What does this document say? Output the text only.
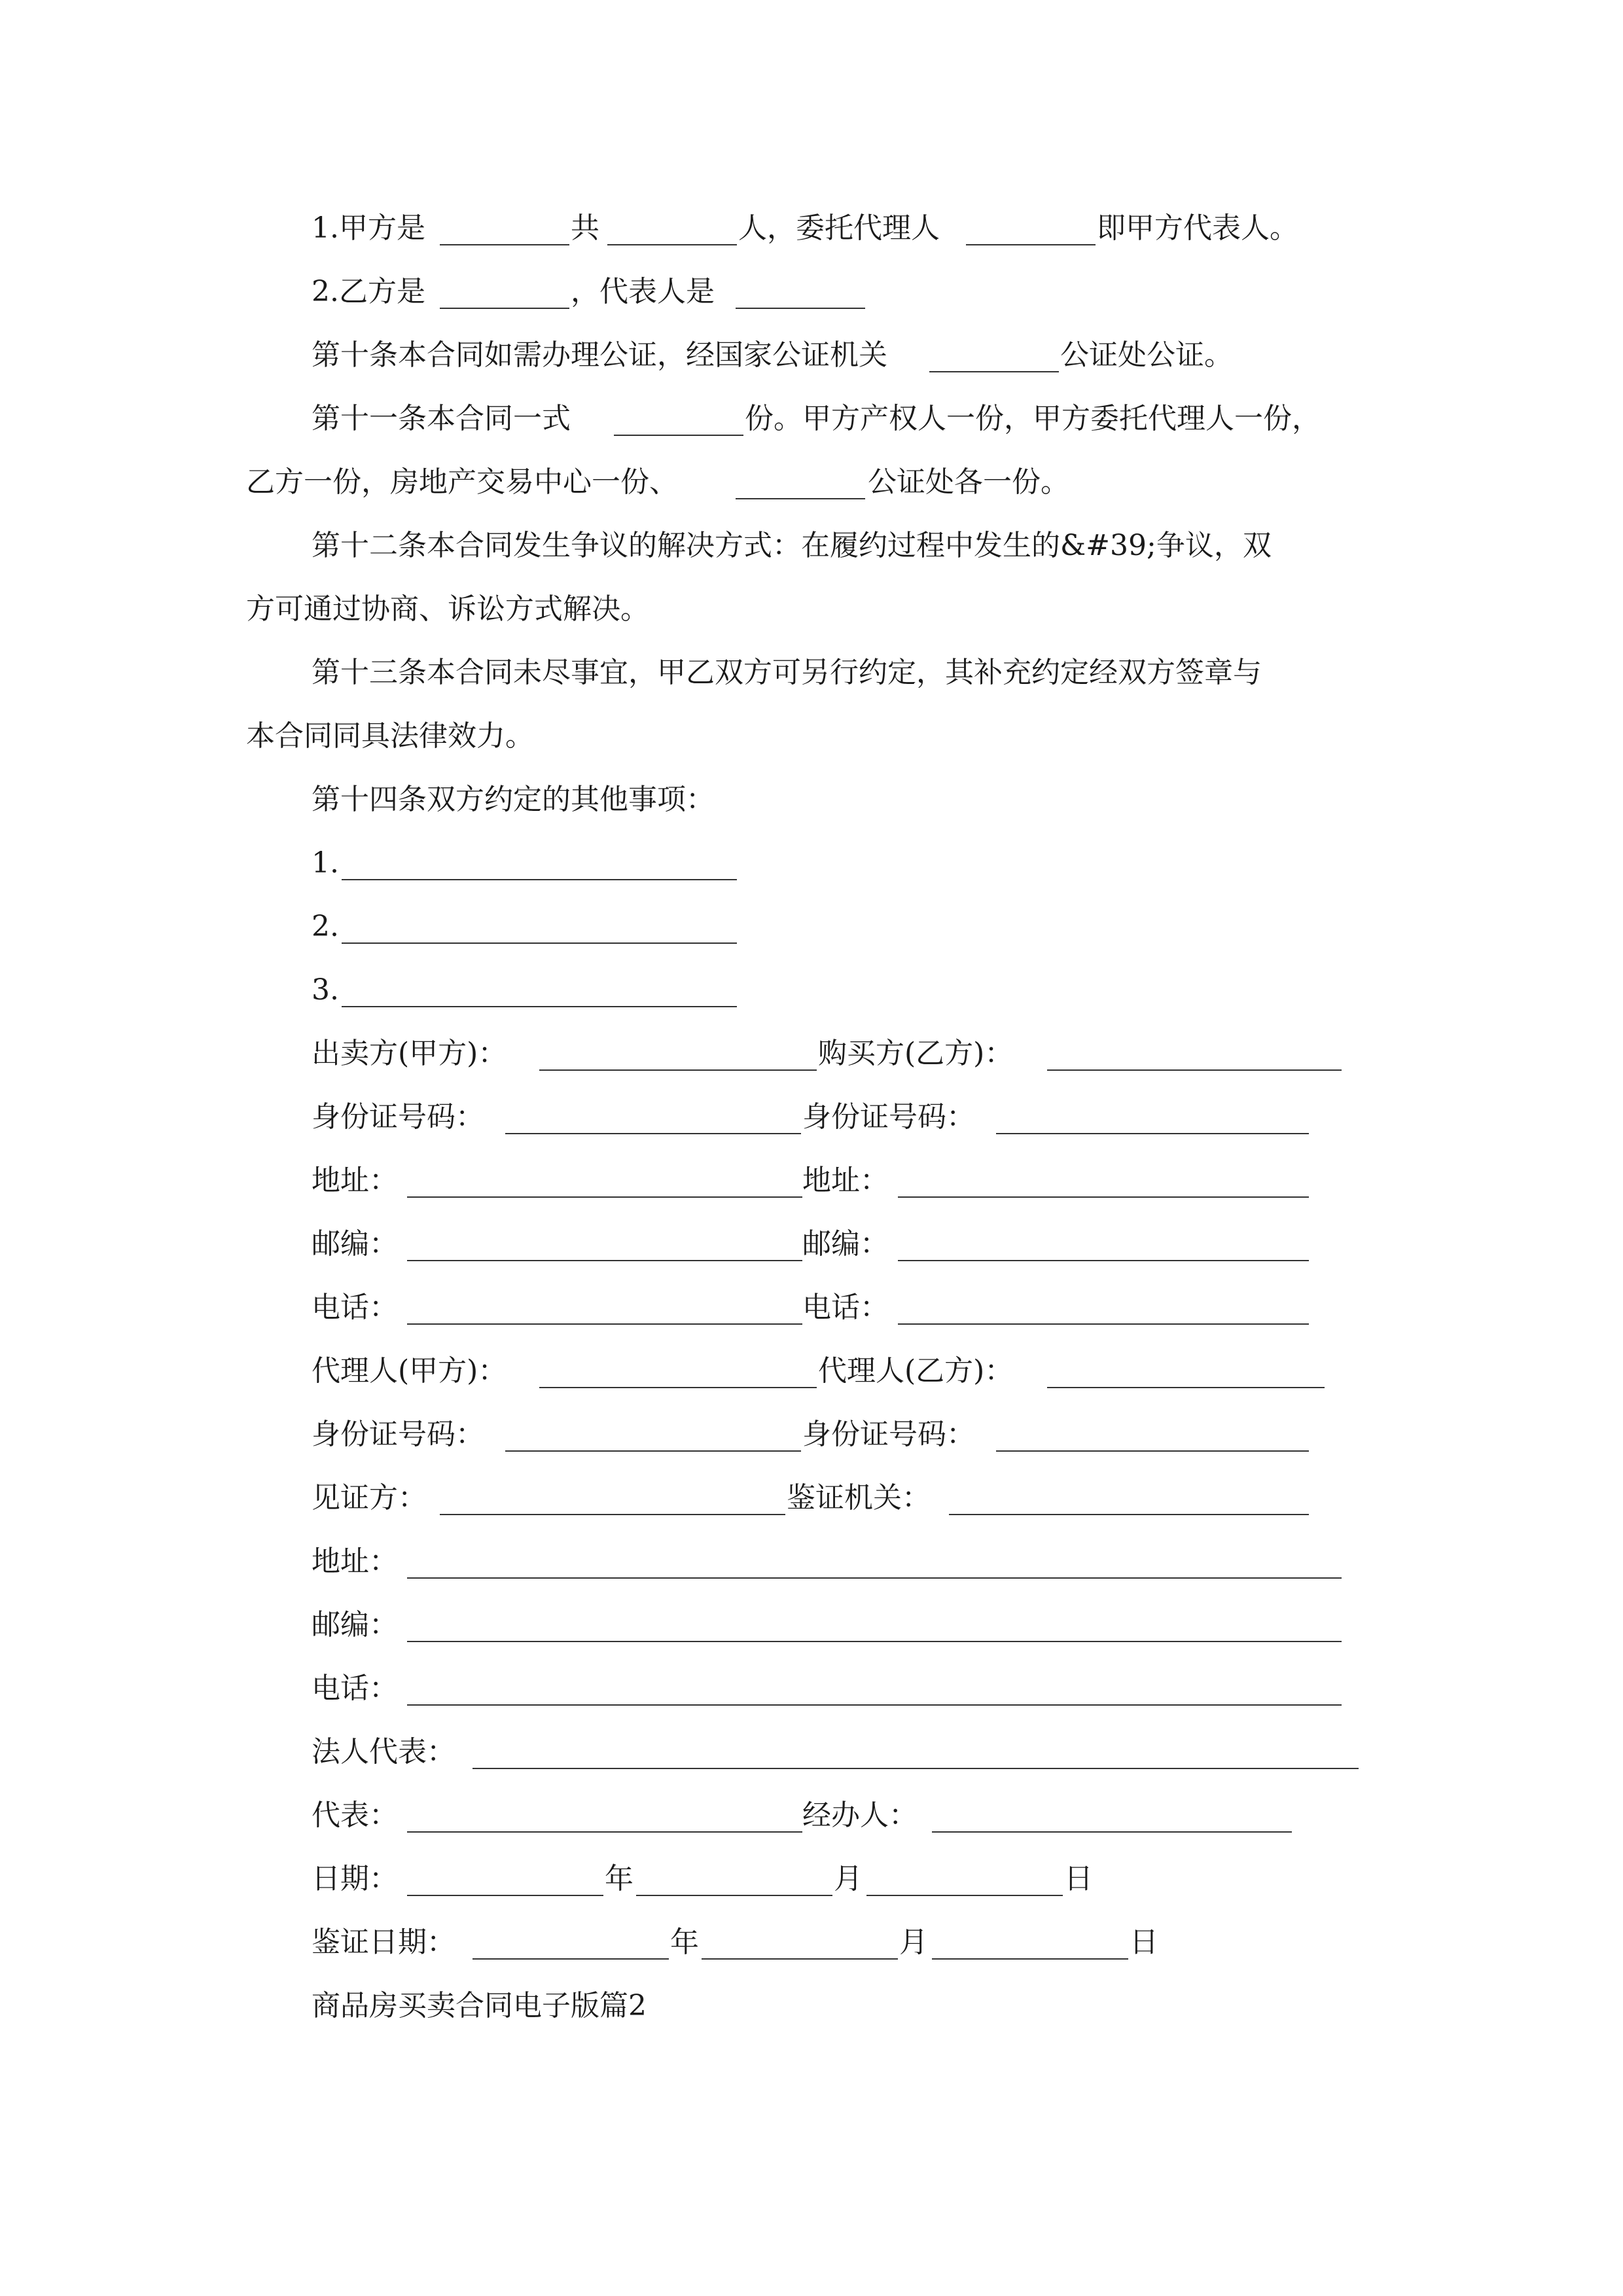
1.甲方是	共	人，委托代理人	即甲方代表人。
2.乙方是	，代表人是
第十条本合同如需办理公证，经国家公证机关	公证处公证。
第十一条本合同一式	份。甲方产权人一份，甲方委托代理人一份，
乙方一份，房地产交易中心一份、	公证处各一份。
第十二条本合同发生争议的解决方式：在履约过程中发生的&#39;争议，双
方可通过协商、诉讼方式解决。
第十三条本合同未尽事宜，甲乙双方可另行约定，其补充约定经双方签章与
本合同同具法律效力。
第十四条双方约定的其他事项：
1.
2.
3.
出卖方(甲方)：	购买方(乙方)：
身份证号码：	身份证号码：
地址：	地址：
邮编：	邮编：
电话：	电话：
代理人(甲方)：	代理人(乙方)：
身份证号码：	身份证号码：
见证方：	鉴证机关：
地址：
邮编：
电话：
法人代表：
代表：	经办人：
日期：	年	月	日
鉴证日期：	年	月	日
商品房买卖合同电子版篇2
